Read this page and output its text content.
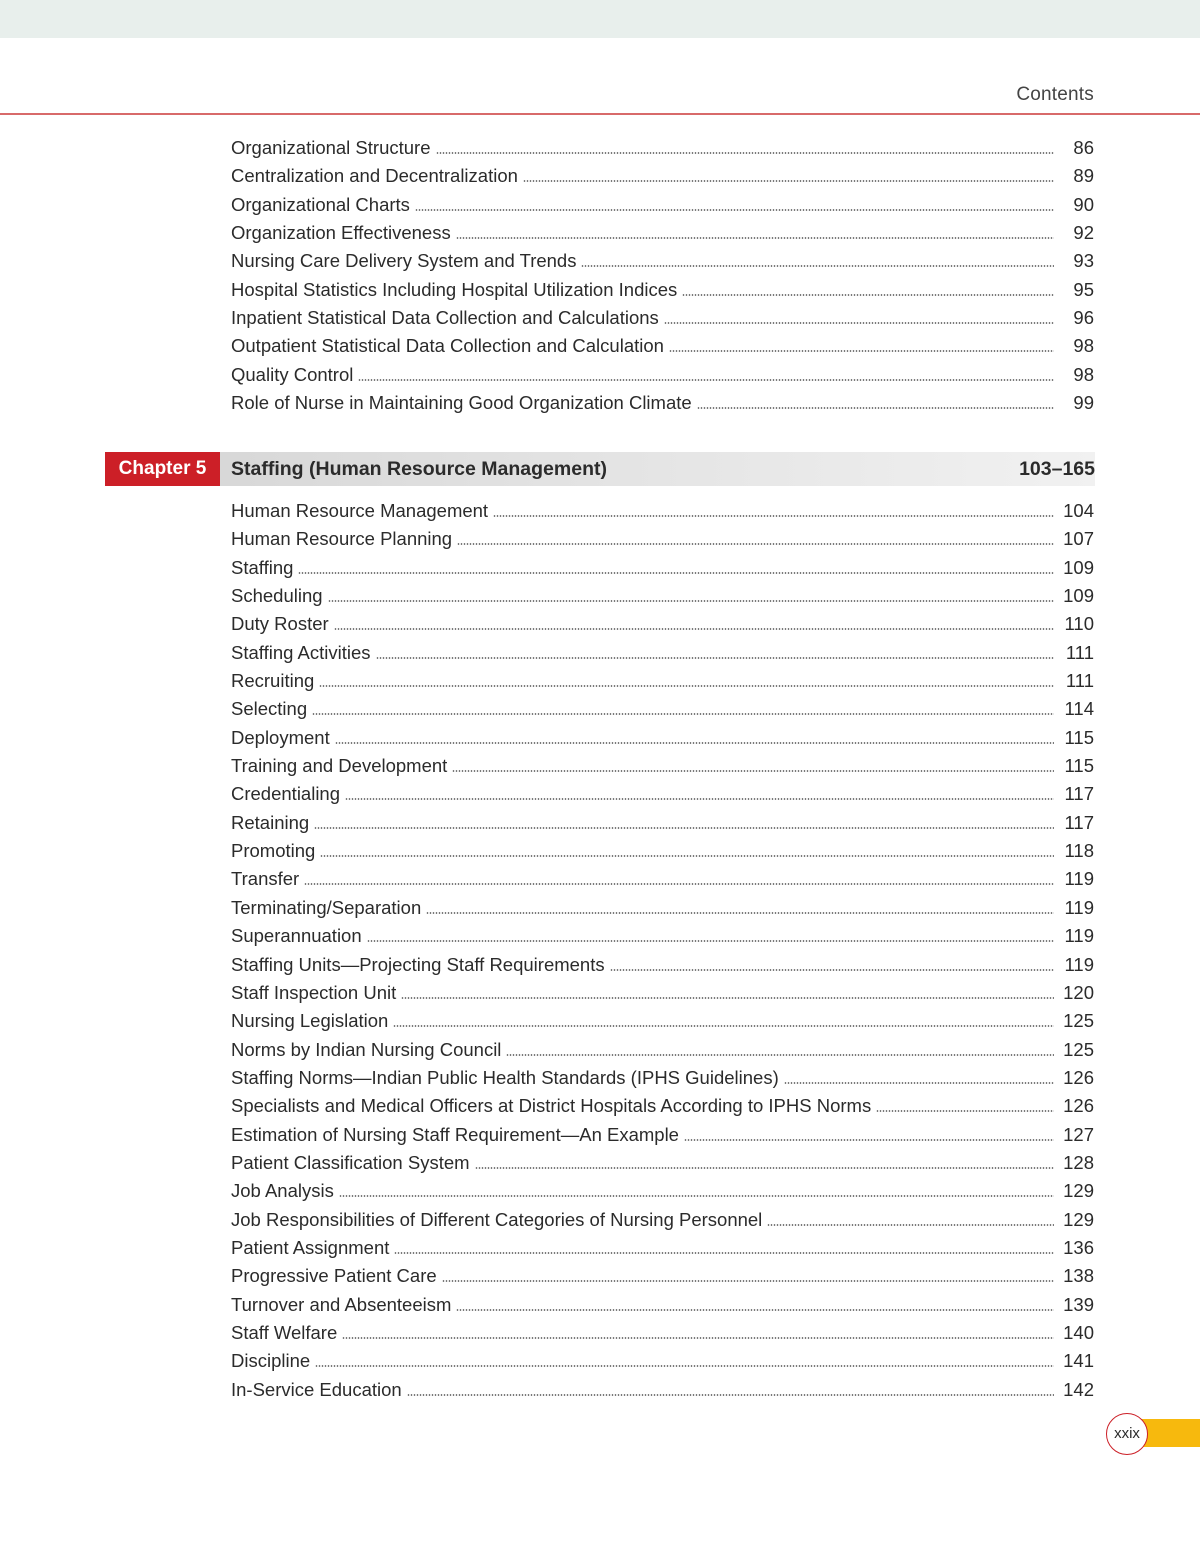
Contents
Organizational Structure	86
Centralization and Decentralization	89
Organizational Charts	90
Organization Effectiveness	92
Nursing Care Delivery System and Trends	93
Hospital Statistics Including Hospital Utilization Indices	95
Inpatient Statistical Data Collection and Calculations	96
Outpatient Statistical Data Collection and Calculation	98
Quality Control	98
Role of Nurse in Maintaining Good Organization Climate	99
Chapter 5	Staffing (Human Resource Management)	103–165
Human Resource Management	104
Human Resource Planning	107
Staffing	109
Scheduling	109
Duty Roster	110
Staffing Activities	111
Recruiting	111
Selecting	114
Deployment	115
Training and Development	115
Credentialing	117
Retaining	117
Promoting	118
Transfer	119
Terminating/Separation	119
Superannuation	119
Staffing Units—Projecting Staff Requirements	119
Staff Inspection Unit	120
Nursing Legislation	125
Norms by Indian Nursing Council	125
Staffing Norms—Indian Public Health Standards (IPHS Guidelines)	126
Specialists and Medical Officers at District Hospitals According to IPHS Norms	126
Estimation of Nursing Staff Requirement—An Example	127
Patient Classification System	128
Job Analysis	129
Job Responsibilities of Different Categories of Nursing Personnel	129
Patient Assignment	136
Progressive Patient Care	138
Turnover and Absenteeism	139
Staff Welfare	140
Discipline	141
In-Service Education	142
xxix
